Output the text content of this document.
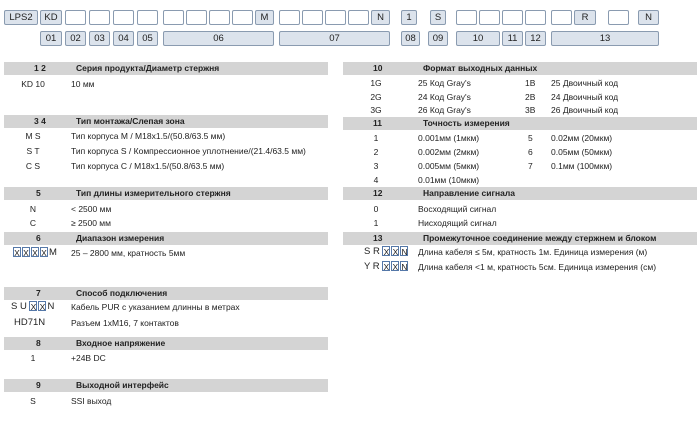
LPS2	KD	M	N	1	S	R	N
01	02	03	04	05	06	07	08	09	10	11	12	13
1 2	Серия продукта/Диаметр стержня
KD 10	10 мм
3 4	Тип монтажа/Слепая зона
M S	Тип корпуса M / M18x1.5/(50.8/63.5 мм)
S T	Тип корпуса S / Компрессионное уплотнение/(21.4/63.5 мм)
C S	Тип корпуса C / M18x1.5/(50.8/63.5 мм)
5	Тип длины измерительного стержня
N	< 2500 мм
C	≥ 2500 мм
6	Диапазон измерения
X X X X M 25 – 2800 мм, кратность 5мм
7	Способ подключения
S U X X N Кабель PUR с указанием длинны в метрах
HD71N	Разъем 1xM16, 7 контактов
8	Входное напряжение
1	+24В DC
9	Выходной интерфейс
S	SSI выход
10	Формат выходных данных
1G	25 Код Gray's	1B 25 Двоичный код
2G	24 Код Gray's	2B 24 Двоичный код
3G	26 Код Gray's	3B 26 Двоичный код
11	Точность измерения
1	0.001мм (1мкм)	5 0.02мм (20мкм)
2	0.002мм (2мкм)	6 0.05мм (50мкм)
3	0.005мм (5мкм)	7 0.1мм (100мкм)
4	0.01мм (10мкм)
12	Направление сигнала
0	Восходящий сигнал
1	Нисходящий сигнал
13	Промежуточное соединение между стержнем и блоком
S R X X N Длина кабеля ≤ 5м, кратность 1м. Единица измерения (м)
Y R X X N Длина кабеля <1 м, кратность 5см. Единица измерения (см)
